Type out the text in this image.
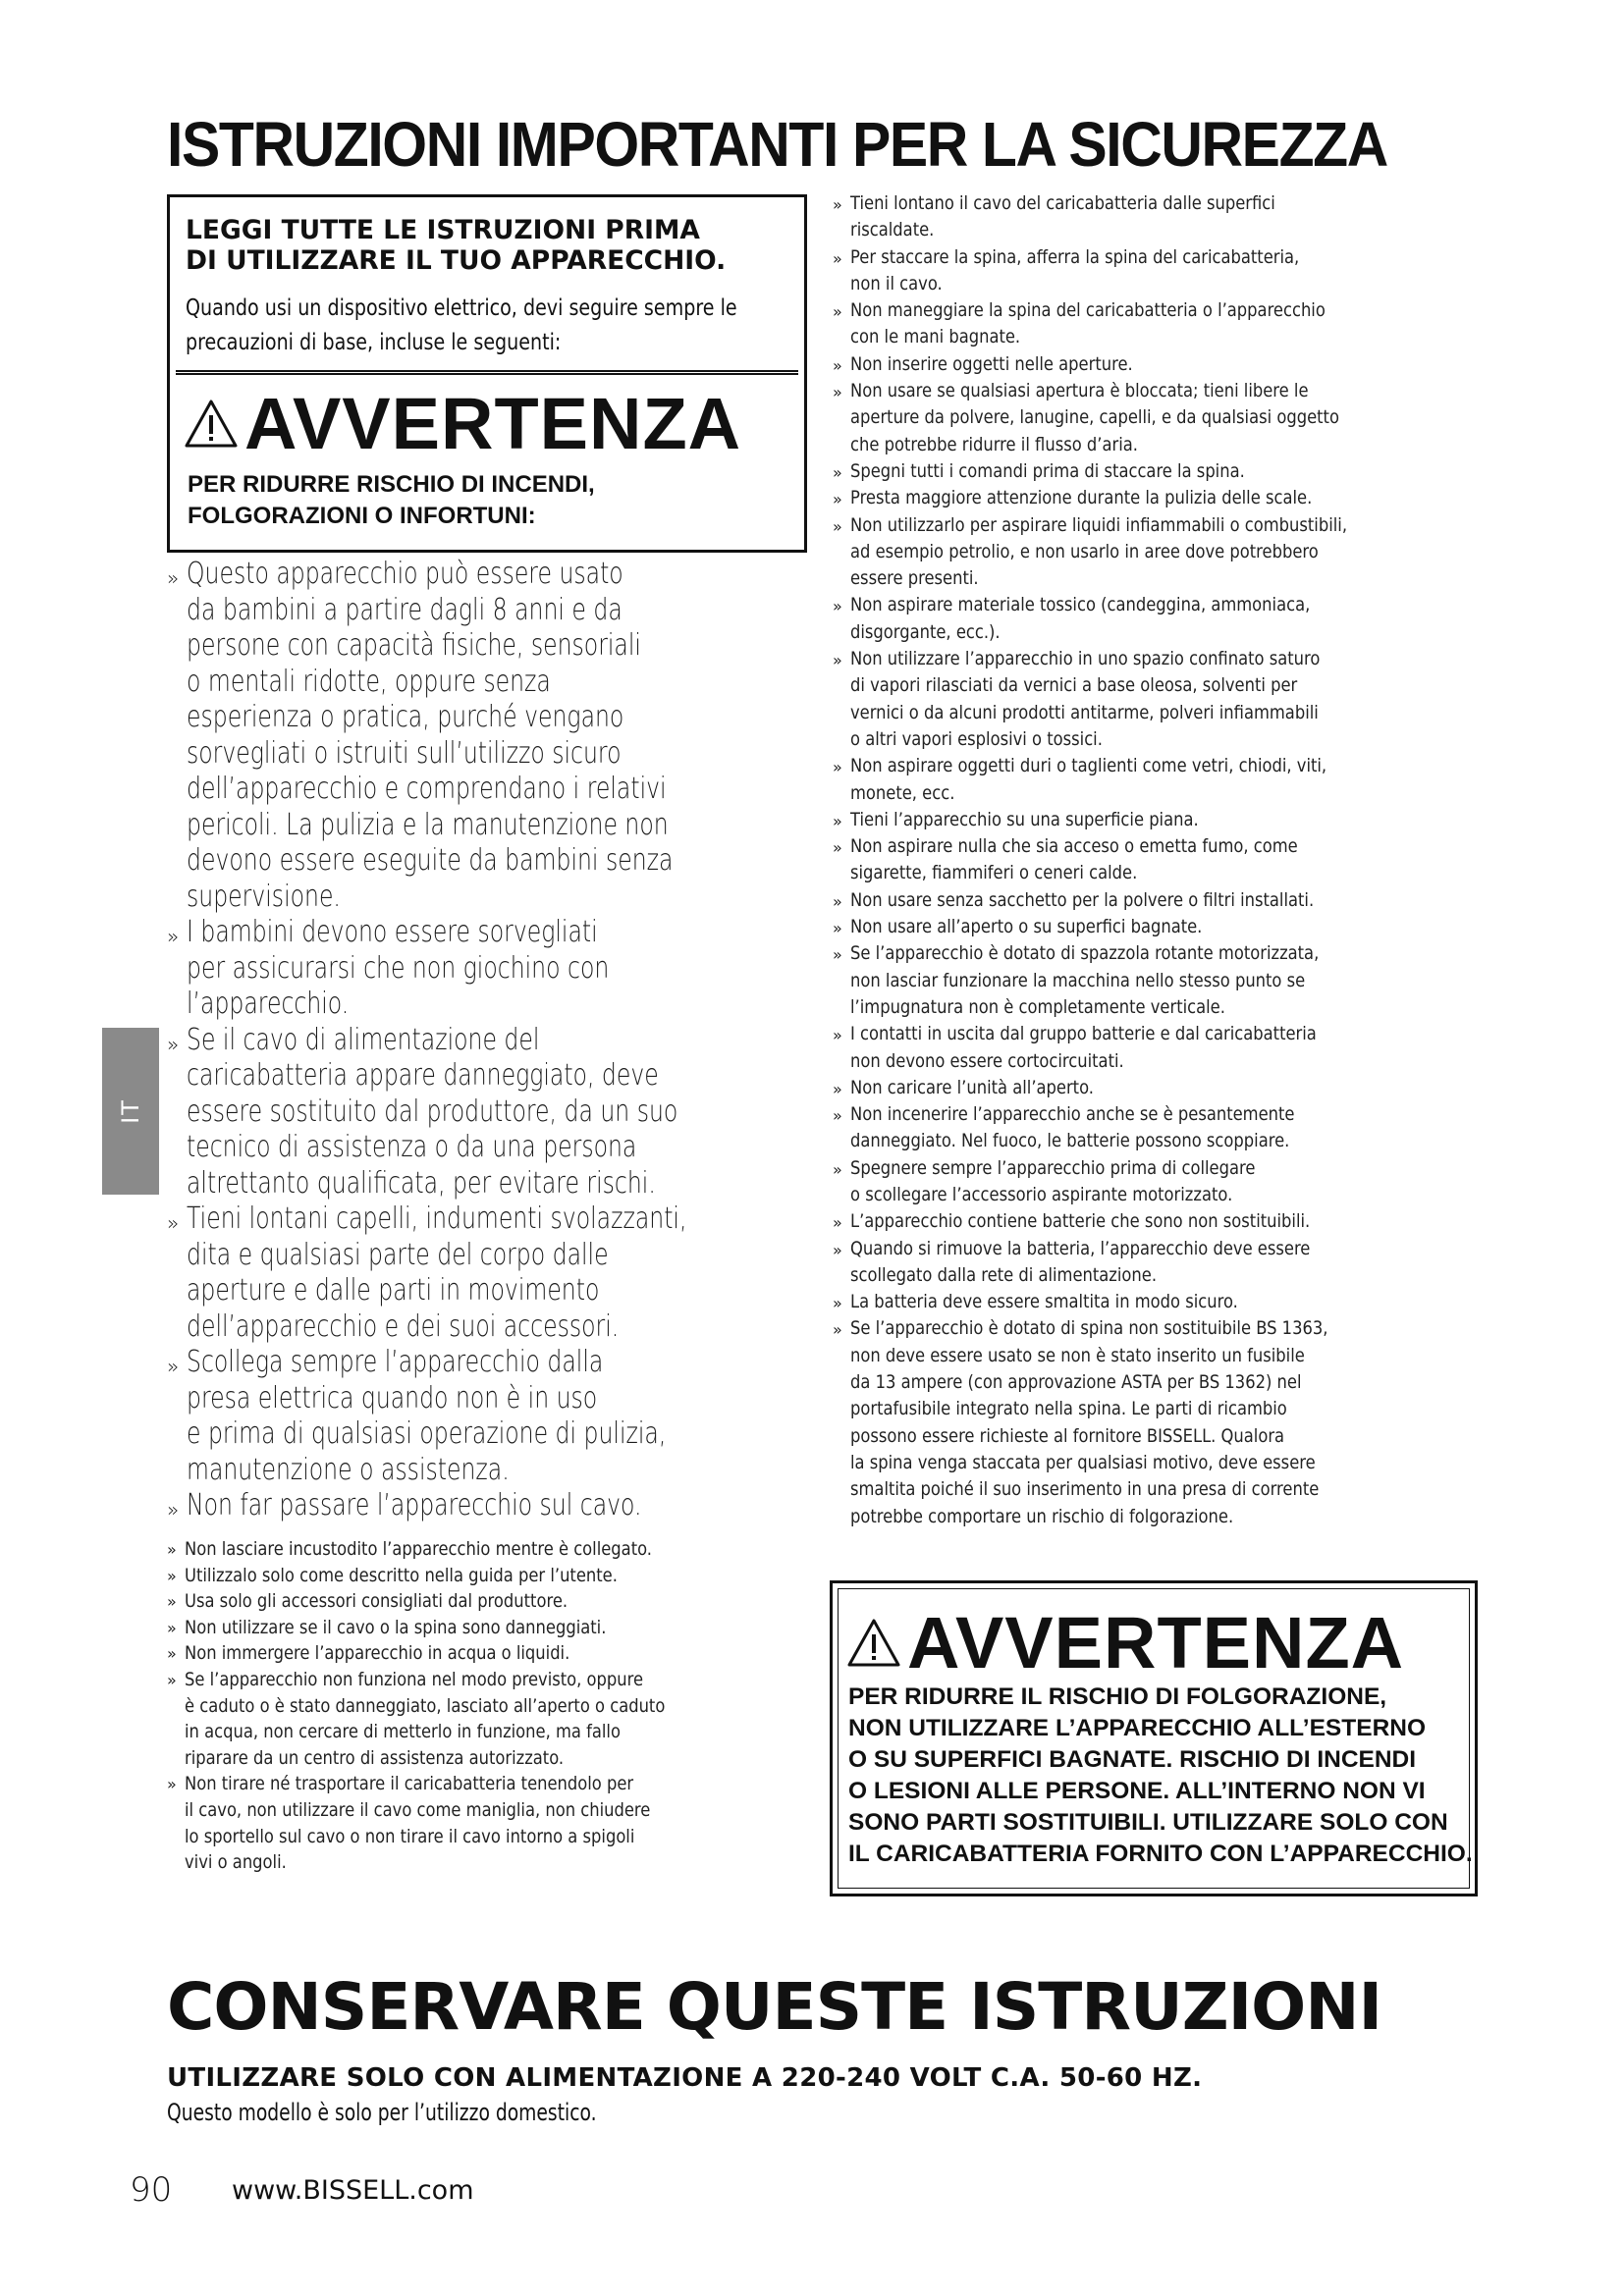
ISTRUZIONI IMPORTANTI PER LA SICUREZZA
LEGGI TUTTE LE ISTRUZIONI PRIMA
DI UTILIZZARE IL TUO APPARECCHIO.
Quando usi un dispositivo elettrico, devi seguire sempre le
precauzioni di base, incluse le seguenti:
AVVERTENZA
PER RIDURRE RISCHIO DI INCENDI,
FOLGORAZIONI O INFORTUNI:
» Questo apparecchio può essere usato
da bambini a partire dagli 8 anni e da
persone con capacità fisiche, sensoriali
o mentali ridotte, oppure senza
esperienza o pratica, purché vengano
sorvegliati o istruiti sull’utilizzo sicuro
dell’apparecchio e comprendano i relativi
pericoli. La pulizia e la manutenzione non
devono essere eseguite da bambini senza
supervisione.
» I bambini devono essere sorvegliati
per assicurarsi che non giochino con
l’apparecchio.
» Se il cavo di alimentazione del
caricabatteria appare danneggiato, deve
essere sostituito dal produttore, da un suo
tecnico di assistenza o da una persona
altrettanto qualificata, per evitare rischi.
» Tieni lontani capelli, indumenti svolazzanti,
dita e qualsiasi parte del corpo dalle
aperture e dalle parti in movimento
dell’apparecchio e dei suoi accessori.
» Scollega sempre l’apparecchio dalla
presa elettrica quando non è in uso
e prima di qualsiasi operazione di pulizia,
manutenzione o assistenza.
» Non far passare l’apparecchio sul cavo.
» Non lasciare incustodito l’apparecchio mentre è collegato.
» Utilizzalo solo come descritto nella guida per l’utente.
» Usa solo gli accessori consigliati dal produttore.
» Non utilizzare se il cavo o la spina sono danneggiati.
» Non immergere l’apparecchio in acqua o liquidi.
» Se l’apparecchio non funziona nel modo previsto, oppure
è caduto o è stato danneggiato, lasciato all’aperto o caduto
in acqua, non cercare di metterlo in funzione, ma fallo
riparare da un centro di assistenza autorizzato.
» Non tirare né trasportare il caricabatteria tenendolo per
il cavo, non utilizzare il cavo come maniglia, non chiudere
lo sportello sul cavo o non tirare il cavo intorno a spigoli
vivi o angoli.
» Tieni lontano il cavo del caricabatteria dalle superfici
riscaldate.
» Per staccare la spina, afferra la spina del caricabatteria,
non il cavo.
» Non maneggiare la spina del caricabatteria o l’apparecchio
con le mani bagnate.
» Non inserire oggetti nelle aperture.
» Non usare se qualsiasi apertura è bloccata; tieni libere le
aperture da polvere, lanugine, capelli, e da qualsiasi oggetto
che potrebbe ridurre il flusso d’aria.
» Spegni tutti i comandi prima di staccare la spina.
» Presta maggiore attenzione durante la pulizia delle scale.
» Non utilizzarlo per aspirare liquidi infiammabili o combustibili,
ad esempio petrolio, e non usarlo in aree dove potrebbero
essere presenti.
» Non aspirare materiale tossico (candeggina, ammoniaca,
disgorgante, ecc.).
» Non utilizzare l’apparecchio in uno spazio confinato saturo
di vapori rilasciati da vernici a base oleosa, solventi per
vernici o da alcuni prodotti antitarme, polveri infiammabili
o altri vapori esplosivi o tossici.
» Non aspirare oggetti duri o taglienti come vetri, chiodi, viti,
monete, ecc.
» Tieni l’apparecchio su una superficie piana.
» Non aspirare nulla che sia acceso o emetta fumo, come
sigarette, fiammiferi o ceneri calde.
» Non usare senza sacchetto per la polvere o filtri installati.
» Non usare all’aperto o su superfici bagnate.
» Se l’apparecchio è dotato di spazzola rotante motorizzata,
non lasciar funzionare la macchina nello stesso punto se
l’impugnatura non è completamente verticale.
» I contatti in uscita dal gruppo batterie e dal caricabatteria
non devono essere cortocircuitati.
» Non caricare l’unità all’aperto.
» Non incenerire l’apparecchio anche se è pesantemente
danneggiato. Nel fuoco, le batterie possono scoppiare.
» Spegnere sempre l’apparecchio prima di collegare
o scollegare l’accessorio aspirante motorizzato.
» L’apparecchio contiene batterie che sono non sostituibili.
» Quando si rimuove la batteria, l’apparecchio deve essere
scollegato dalla rete di alimentazione.
» La batteria deve essere smaltita in modo sicuro.
» Se l’apparecchio è dotato di spina non sostituibile BS 1363,
non deve essere usato se non è stato inserito un fusibile
da 13 ampere (con approvazione ASTA per BS 1362) nel
portafusibile integrato nella spina. Le parti di ricambio
possono essere richieste al fornitore BISSELL. Qualora
la spina venga staccata per qualsiasi motivo, deve essere
smaltita poiché il suo inserimento in una presa di corrente
potrebbe comportare un rischio di folgorazione.
AVVERTENZA
PER RIDURRE IL RISCHIO DI FOLGORAZIONE,
NON UTILIZZARE L’APPARECCHIO ALL’ESTERNO
O SU SUPERFICI BAGNATE. RISCHIO DI INCENDI
O LESIONI ALLE PERSONE. ALL’INTERNO NON VI
SONO PARTI SOSTITUIBILI. UTILIZZARE SOLO CON
IL CARICABATTERIA FORNITO CON L’APPARECCHIO.
IT
CONSERVARE QUESTE ISTRUZIONI
UTILIZZARE SOLO CON ALIMENTAZIONE A 220-240 VOLT C.A. 50-60 HZ.
Questo modello è solo per l’utilizzo domestico.
90 www.BISSELL.com
